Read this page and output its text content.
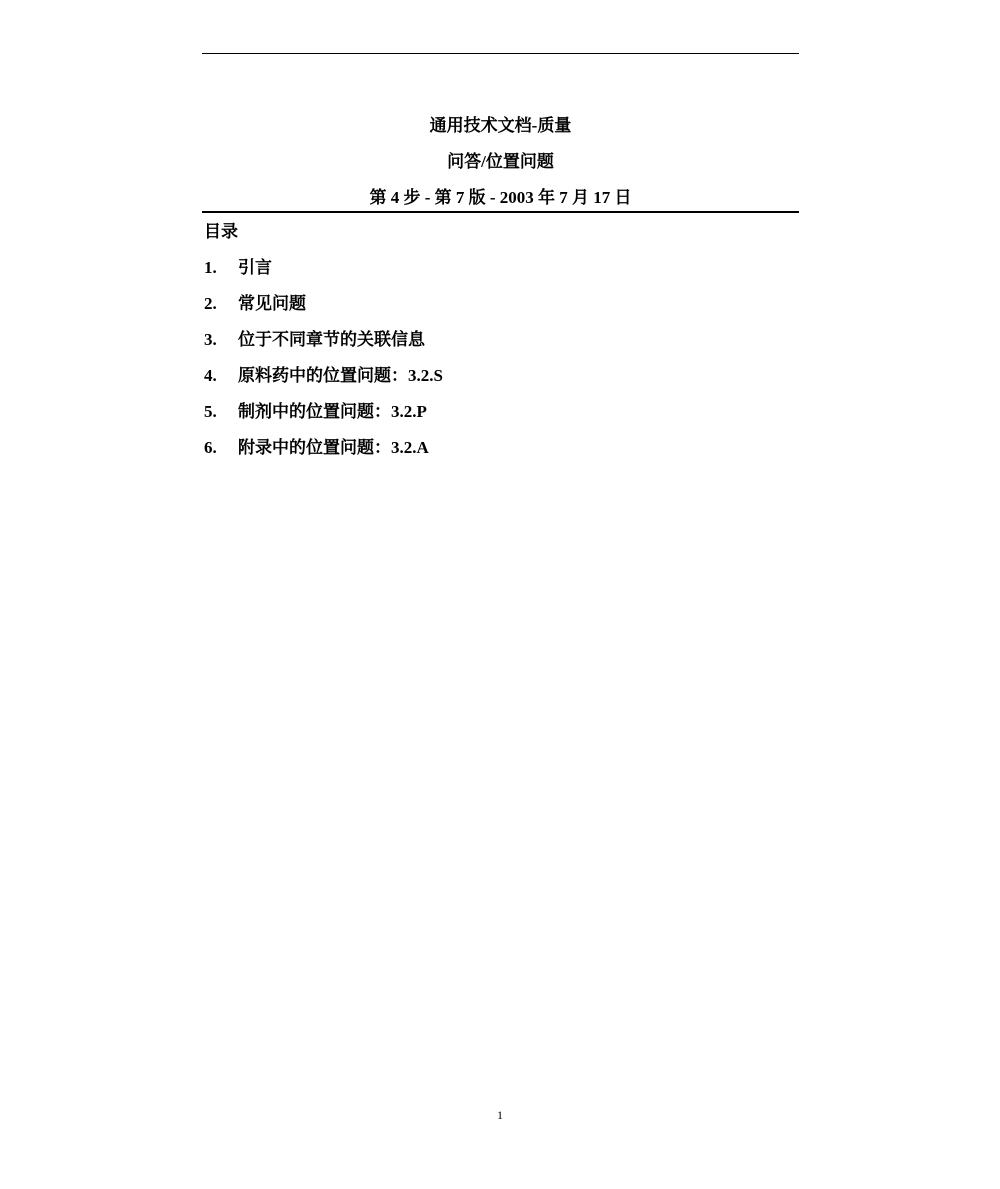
通用技术文档-质量
问答/位置问题
第 4 步 - 第 7 版 - 2003 年 7 月 17 日
目录
1.	引言
2.	常见问题
3.	位于不同章节的关联信息
4.	原料药中的位置问题：3.2.S
5.	制剂中的位置问题：3.2.P
6.	附录中的位置问题：3.2.A
1
